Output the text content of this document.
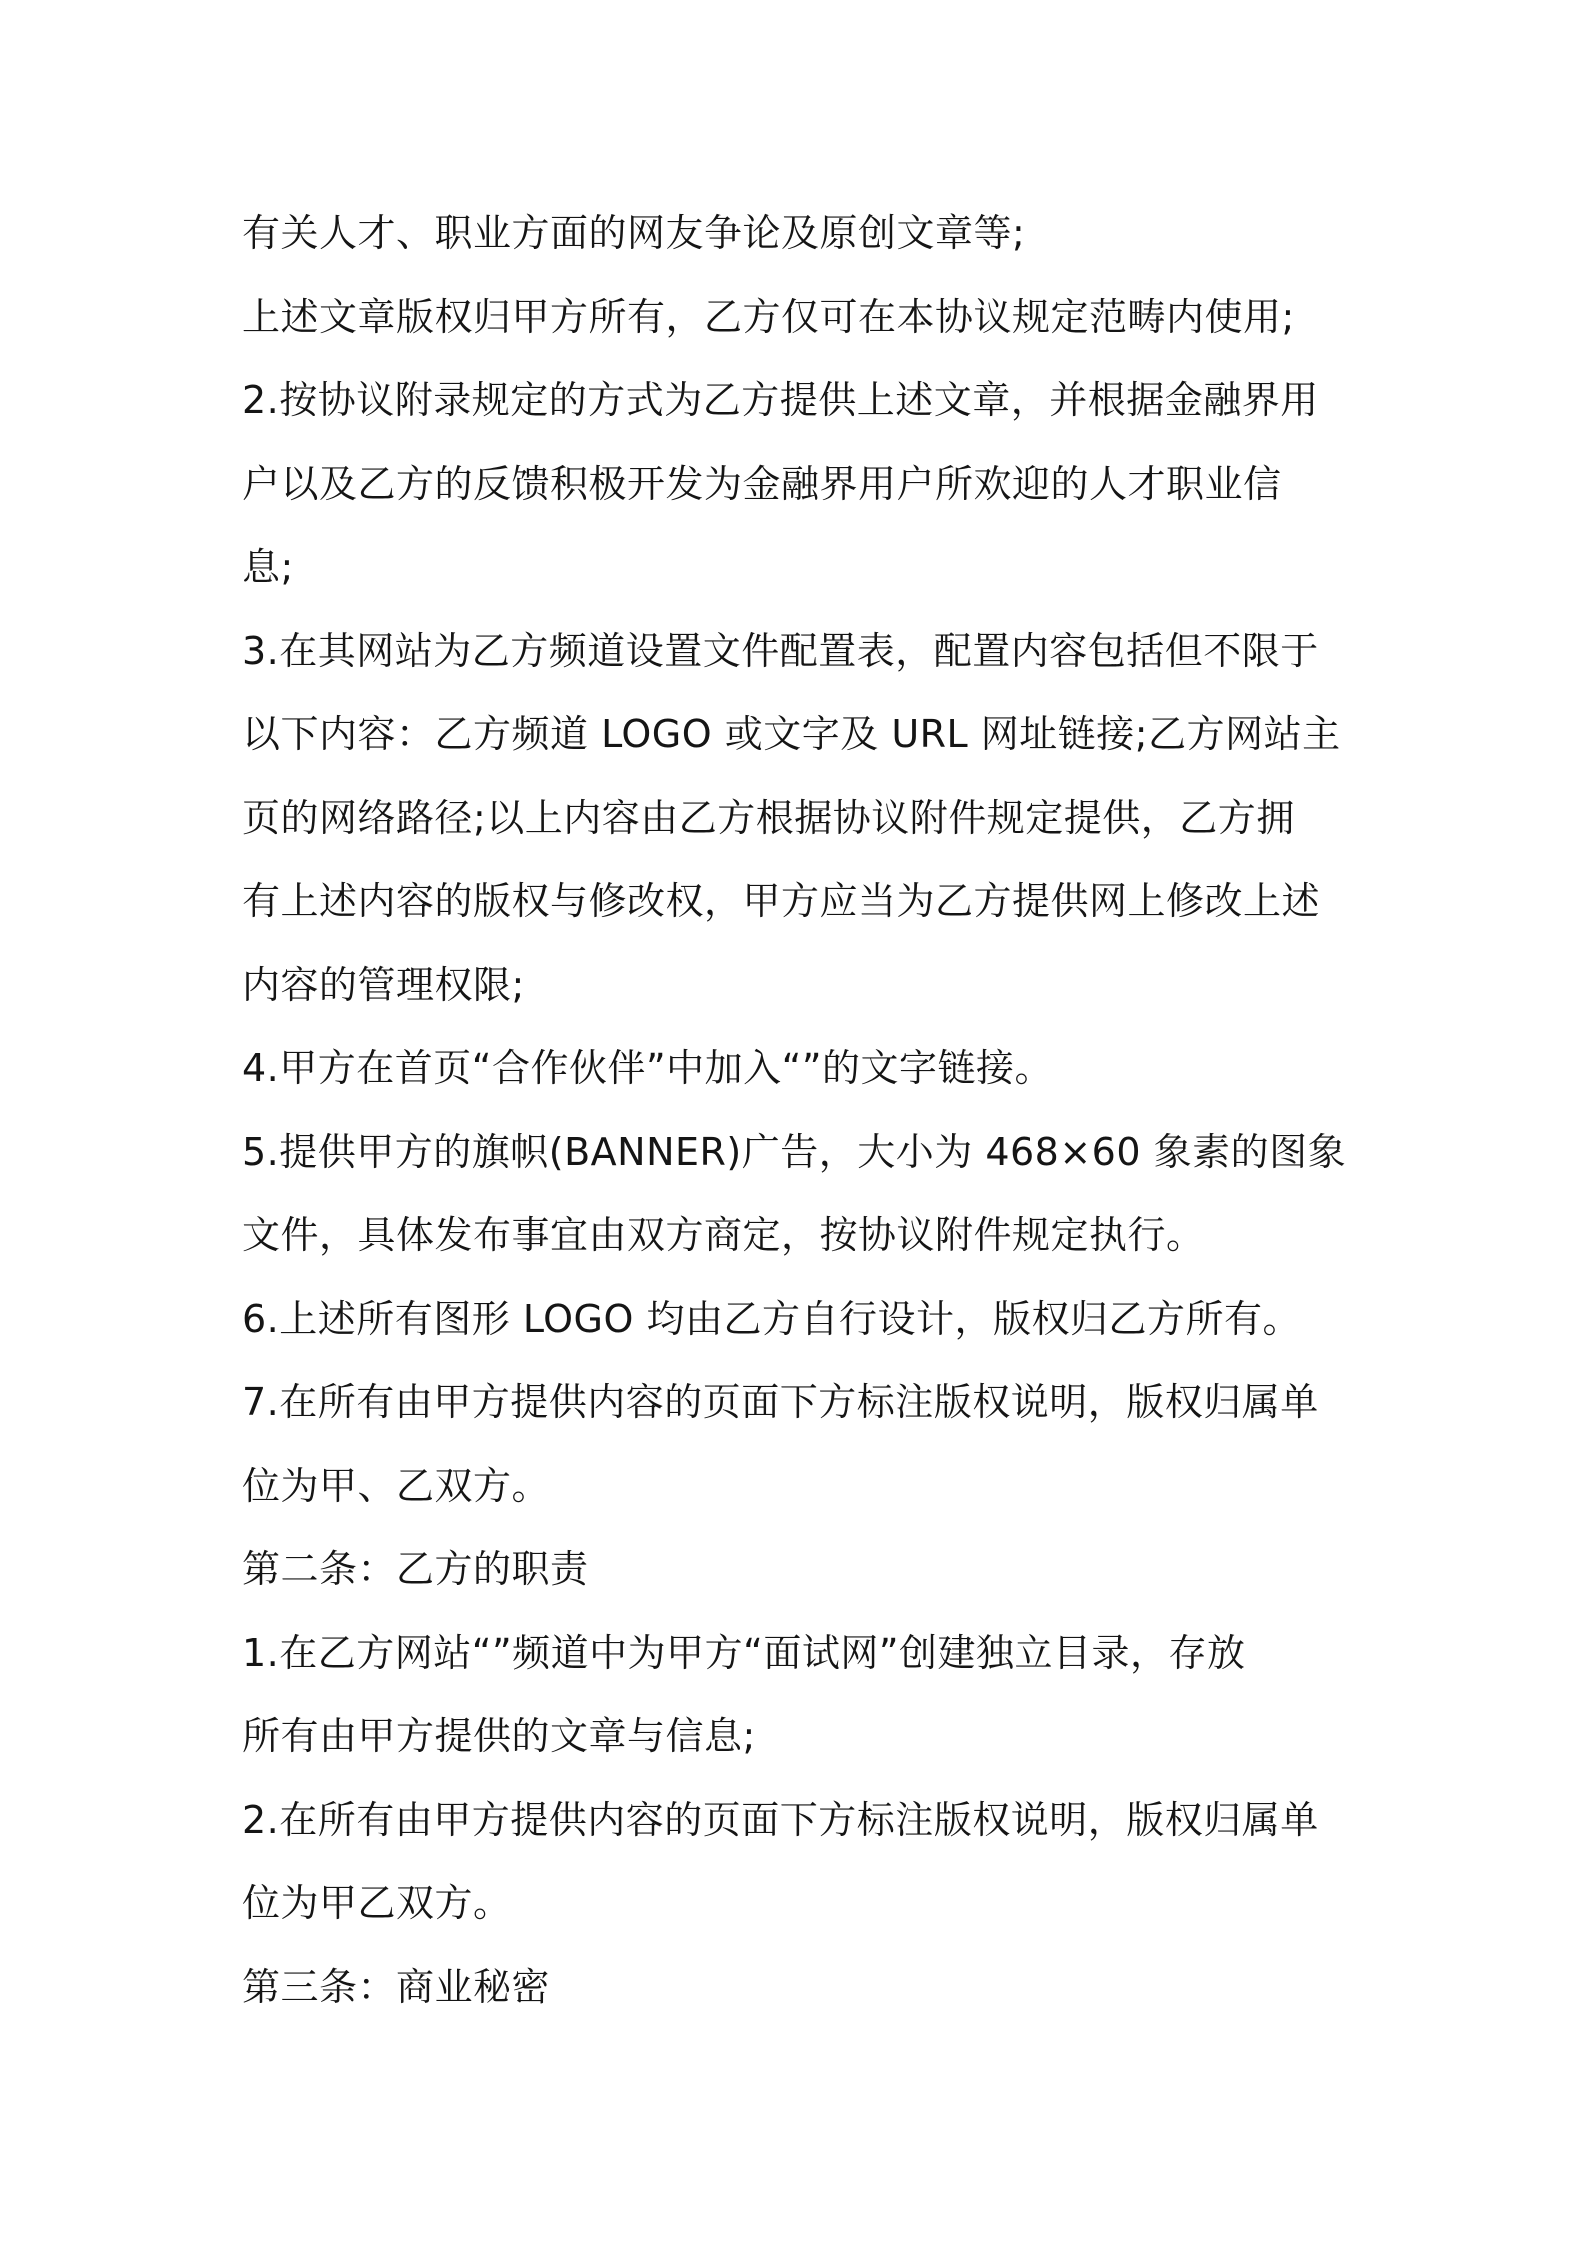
有关人才、职业方面的网友争论及原创文章等;
上述文章版权归甲方所有，乙方仅可在本协议规定范畴内使用;
2.按协议附录规定的方式为乙方提供上述文章，并根据金融界用
户以及乙方的反馈积极开发为金融界用户所欢迎的人才职业信
息;
3.在其网站为乙方频道设置文件配置表，配置内容包括但不限于
以下内容：乙方频道 LOGO 或文字及 URL 网址链接;乙方网站主
页的网络路径;以上内容由乙方根据协议附件规定提供，乙方拥
有上述内容的版权与修改权，甲方应当为乙方提供网上修改上述
内容的管理权限;
4.甲方在首页“合作伙伴”中加入“”的文字链接。
5.提供甲方的旗帜(BANNER)广告，大小为 468×60 象素的图象
文件，具体发布事宜由双方商定，按协议附件规定执行。
6.上述所有图形 LOGO 均由乙方自行设计，版权归乙方所有。
7.在所有由甲方提供内容的页面下方标注版权说明，版权归属单
位为甲、乙双方。
第二条：乙方的职责
1.在乙方网站“”频道中为甲方“面试网”创建独立目录，存放
所有由甲方提供的文章与信息;
2.在所有由甲方提供内容的页面下方标注版权说明，版权归属单
位为甲乙双方。
第三条：商业秘密
